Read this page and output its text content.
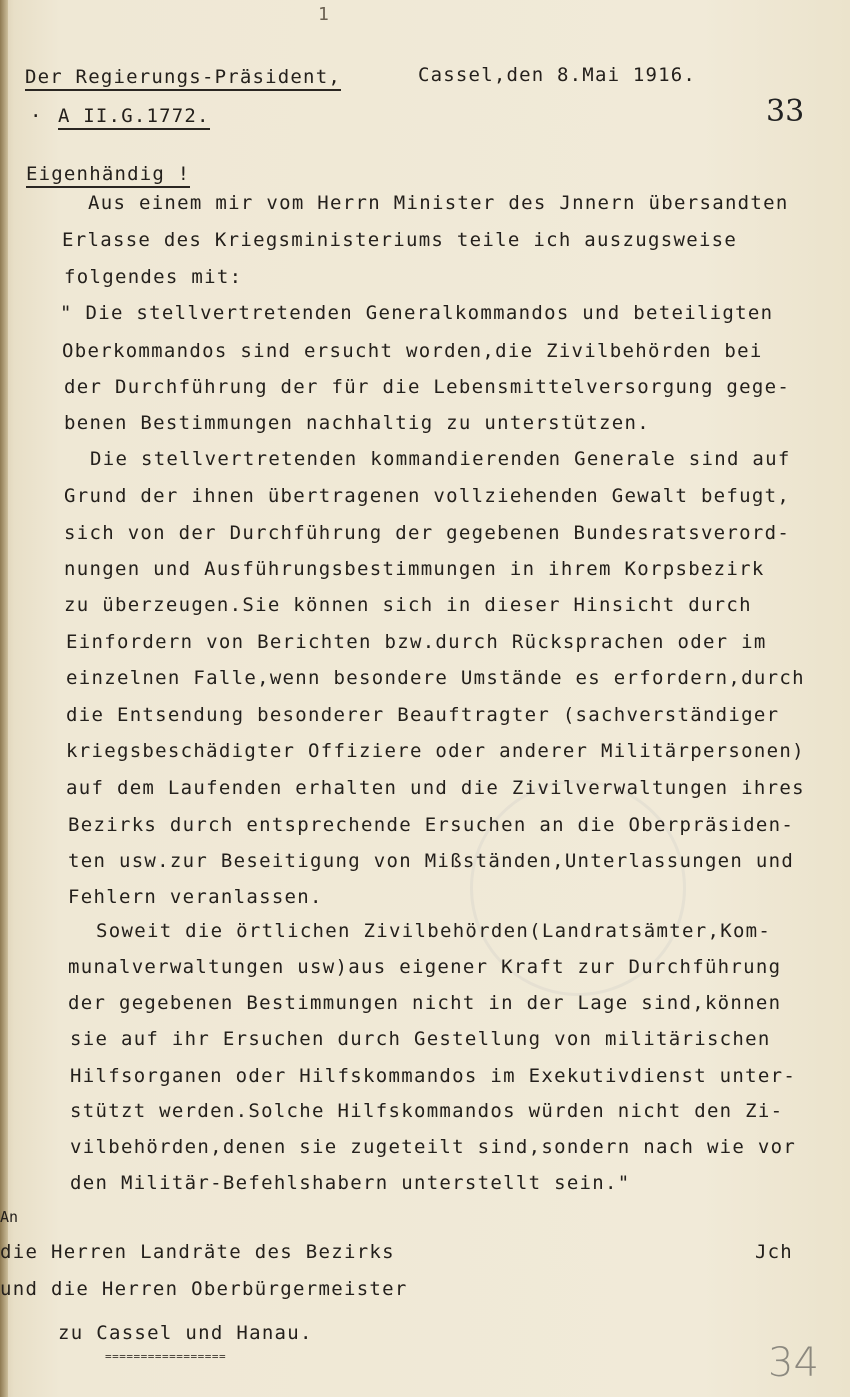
1
Der Regierungs-Präsident,	Cassel,den 8.Mai 1916.
· A II.G.1772.	33
Eigenhändig !
Aus einem mir vom Herrn Minister des Jnnern übersandten
Erlasse des Kriegsministeriums teile ich auszugsweise
folgendes mit:
" Die stellvertretenden Generalkommandos und beteiligten
Oberkommandos sind ersucht worden,die Zivilbehörden bei
der Durchführung der für die Lebensmittelversorgung gege-
benen Bestimmungen nachhaltig zu unterstützen.
Die stellvertretenden kommandierenden Generale sind auf
Grund der ihnen übertragenen vollziehenden Gewalt befugt,
sich von der Durchführung der gegebenen Bundesratsverord-
nungen und Ausführungsbestimmungen in ihrem Korpsbezirk
zu überzeugen.Sie können sich in dieser Hinsicht durch
Einfordern von Berichten bzw.durch Rücksprachen oder im
einzelnen Falle,wenn besondere Umstände es erfordern,durch
die Entsendung besonderer Beauftragter (sachverständiger
kriegsbeschädigter Offiziere oder anderer Militärpersonen)
auf dem Laufenden erhalten und die Zivilverwaltungen ihres
Bezirks durch entsprechende Ersuchen an die Oberpräsiden-
ten usw.zur Beseitigung von Mißständen,Unterlassungen und
Fehlern veranlassen.
Soweit die örtlichen Zivilbehörden(Landratsämter,Kom-
munalverwaltungen usw)aus eigener Kraft zur Durchführung
der gegebenen Bestimmungen nicht in der Lage sind,können
sie auf ihr Ersuchen durch Gestellung von militärischen
Hilfsorganen oder Hilfskommandos im Exekutivdienst unter-
stützt werden.Solche Hilfskommandos würden nicht den Zi-
vilbehörden,denen sie zugeteilt sind,sondern nach wie vor
den Militär-Befehlshabern unterstellt sein."
An
die Herren Landräte des Bezirks
und die Herren Oberbürgermeister
zu Cassel und Hanau.
Jch
=================	34
